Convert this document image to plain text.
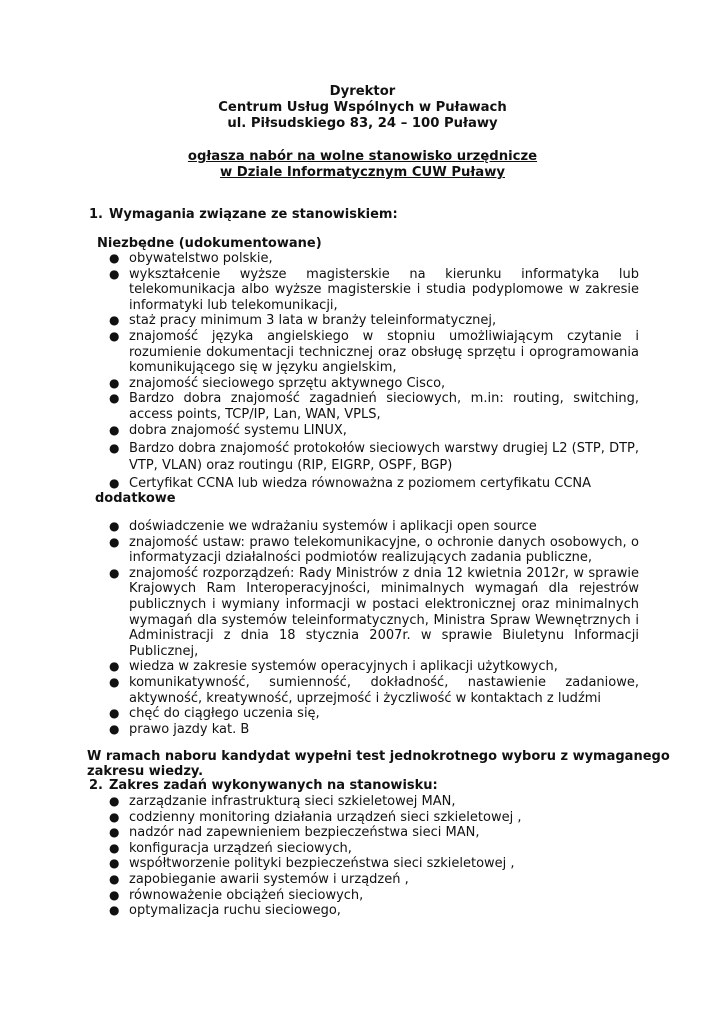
Dyrektor
Centrum Usług Wspólnych w Puławach
ul. Piłsudskiego 83, 24 – 100 Puławy
ogłasza nabór na wolne stanowisko urzędnicze
w Dziale Informatycznym CUW Puławy
1. Wymagania związane ze stanowiskiem:
Niezbędne (udokumentowane)
● obywatelstwo polskie,
● wykształcenie wyższe magisterskie na kierunku informatyka lub telekomunikacja albo wyższe magisterskie i studia podyplomowe w zakresie informatyki lub telekomunikacji,
● staż pracy minimum 3 lata w branży teleinformatycznej,
● znajomość języka angielskiego w stopniu umożliwiającym czytanie i rozumienie dokumentacji technicznej oraz obsługę sprzętu i oprogramowania komunikującego się w języku angielskim,
● znajomość sieciowego sprzętu aktywnego Cisco,
● Bardzo dobra znajomość zagadnień sieciowych, m.in: routing, switching, access points, TCP/IP, Lan, WAN, VPLS,
● dobra znajomość systemu LINUX,
● Bardzo dobra znajomość protokołów sieciowych warstwy drugiej L2 (STP, DTP, VTP, VLAN) oraz routingu (RIP, EIGRP, OSPF, BGP)
● Certyfikat CCNA lub wiedza równoważna z poziomem certyfikatu CCNA
dodatkowe
● doświadczenie we wdrażaniu systemów i aplikacji open source
● znajomość ustaw: prawo telekomunikacyjne, o ochronie danych osobowych, o informatyzacji działalności podmiotów realizujących zadania publiczne,
● znajomość rozporządzeń: Rady Ministrów z dnia 12 kwietnia 2012r, w sprawie Krajowych Ram Interoperacyjności, minimalnych wymagań dla rejestrów publicznych i wymiany informacji w postaci elektronicznej oraz minimalnych wymagań dla systemów teleinformatycznych, Ministra Spraw Wewnętrznych i Administracji z dnia 18 stycznia 2007r. w sprawie Biuletynu Informacji Publicznej,
● wiedza w zakresie systemów operacyjnych i aplikacji użytkowych,
● komunikatywność, sumienność, dokładność, nastawienie zadaniowe, aktywność, kreatywność, uprzejmość i życzliwość w kontaktach z ludźmi
● chęć do ciągłego uczenia się,
● prawo jazdy kat. B
W ramach naboru kandydat wypełni test jednokrotnego wyboru z wymaganego zakresu wiedzy.
2. Zakres zadań wykonywanych na stanowisku:
● zarządzanie infrastrukturą sieci szkieletowej MAN,
● codzienny monitoring działania urządzeń sieci szkieletowej ,
● nadzór nad zapewnieniem bezpieczeństwa sieci MAN,
● konfiguracja urządzeń sieciowych,
● współtworzenie polityki bezpieczeństwa sieci szkieletowej ,
● zapobieganie awarii systemów i urządzeń ,
● równoważenie obciążeń sieciowych,
● optymalizacja ruchu sieciowego,
